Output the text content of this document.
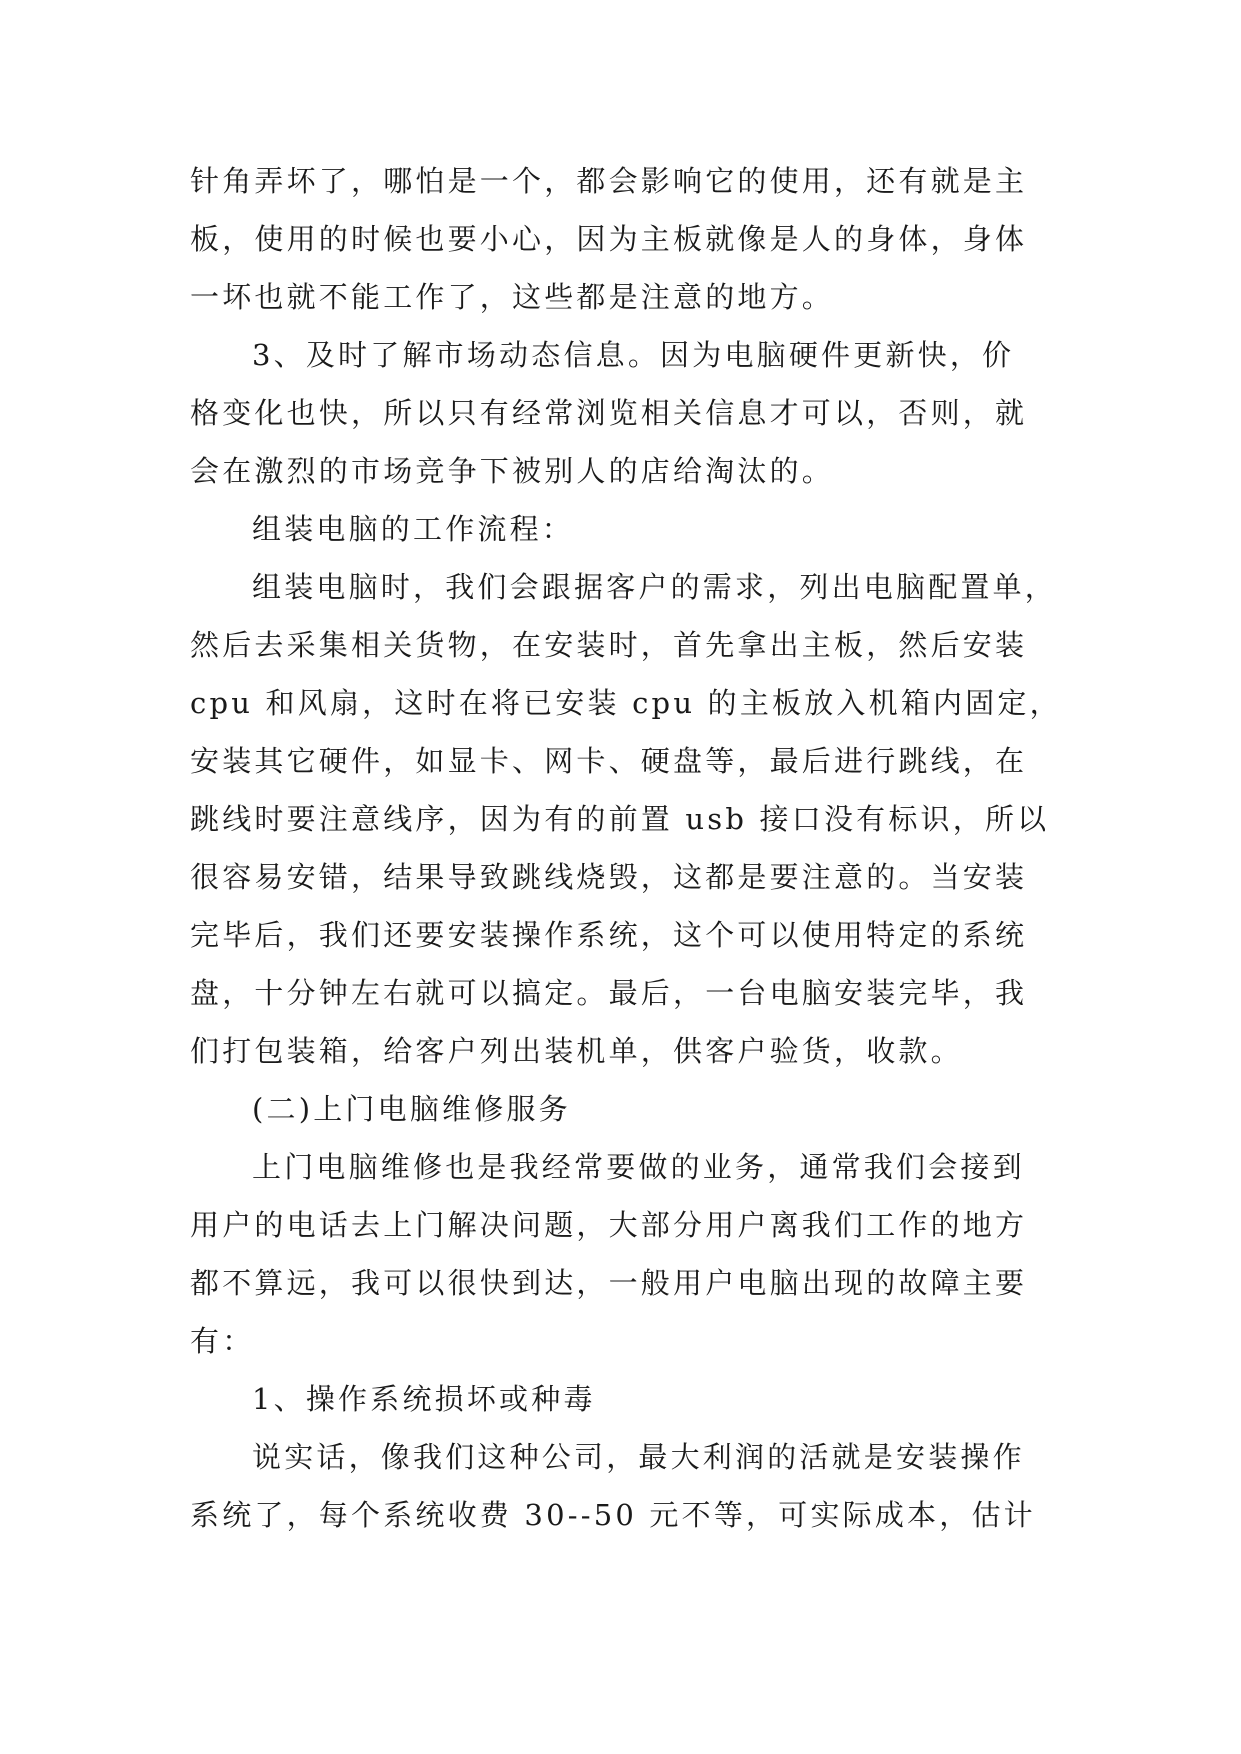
针角弄坏了，哪怕是一个，都会影响它的使用，还有就是主
板，使用的时候也要小心，因为主板就像是人的身体，身体
一坏也就不能工作了，这些都是注意的地方。
3、及时了解市场动态信息。因为电脑硬件更新快，价
格变化也快，所以只有经常浏览相关信息才可以，否则，就
会在激烈的市场竞争下被别人的店给淘汰的。
组装电脑的工作流程：
组装电脑时，我们会跟据客户的需求，列出电脑配置单，
然后去采集相关货物，在安装时，首先拿出主板，然后安装
cpu 和风扇，这时在将已安装 cpu 的主板放入机箱内固定，
安装其它硬件，如显卡、网卡、硬盘等，最后进行跳线，在
跳线时要注意线序，因为有的前置 usb 接口没有标识，所以
很容易安错，结果导致跳线烧毁，这都是要注意的。当安装
完毕后，我们还要安装操作系统，这个可以使用特定的系统
盘，十分钟左右就可以搞定。最后，一台电脑安装完毕，我
们打包装箱，给客户列出装机单，供客户验货，收款。
(二)上门电脑维修服务
上门电脑维修也是我经常要做的业务，通常我们会接到
用户的电话去上门解决问题，大部分用户离我们工作的地方
都不算远，我可以很快到达，一般用户电脑出现的故障主要
有：
1、操作系统损坏或种毒
说实话，像我们这种公司，最大利润的活就是安装操作
系统了，每个系统收费 30--50 元不等，可实际成本，估计
